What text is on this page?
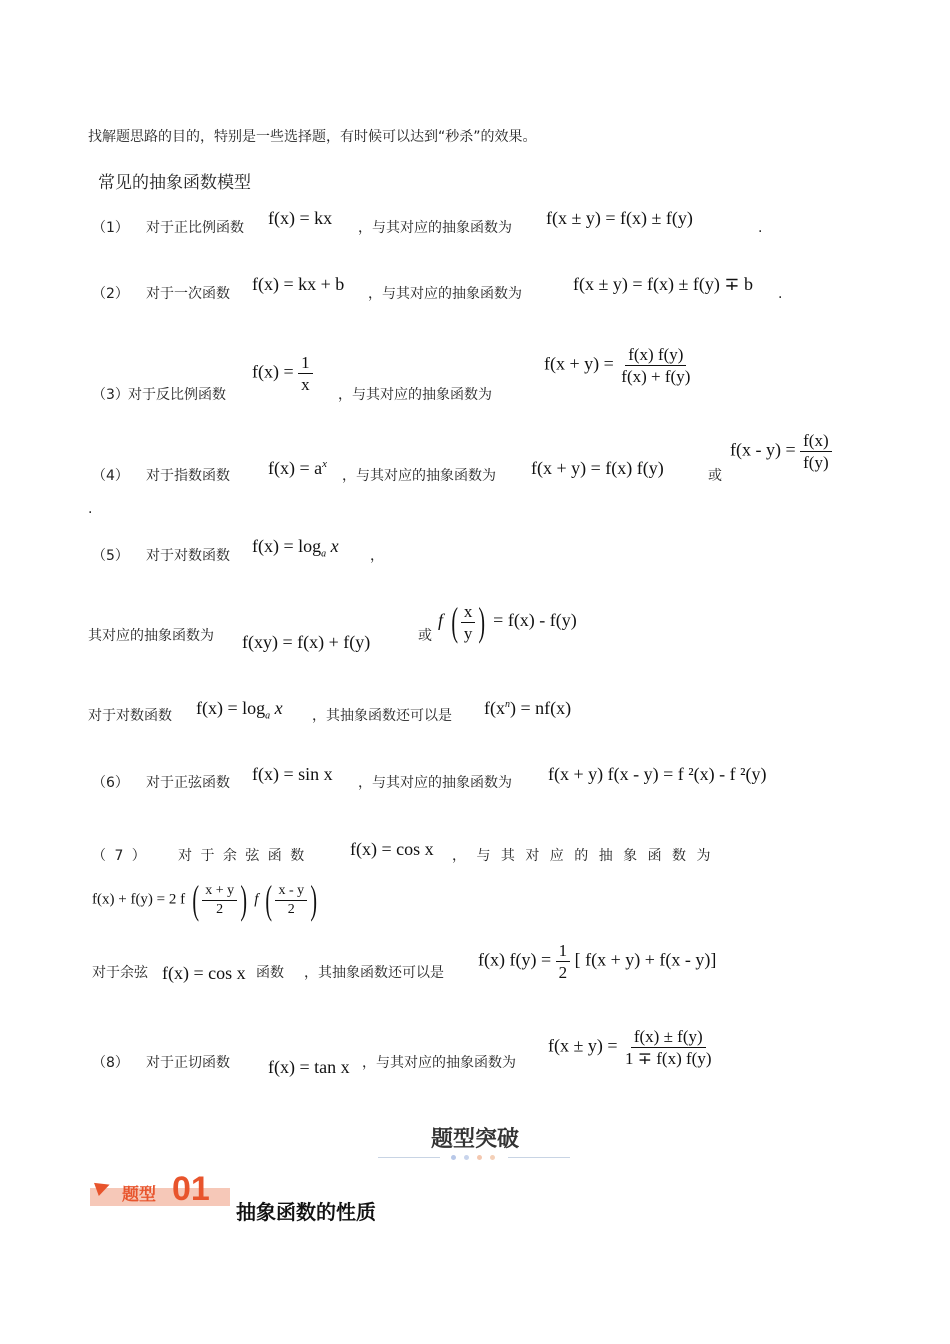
找解题思路的目的，特别是一些选择题，有时候可以达到“秒杀”的效果。
常见的抽象函数模型
（1） 对于正比例函数 f(x) = kx ，与其对应的抽象函数为 f(x ± y) = f(x) ± f(y)	.
（2） 对于一次函数 f(x) = kx + b ，与其对应的抽象函数为	f(x ± y) = f(x) ± f(y) ∓ b .
（3） 对于反比例函数
$f(x) = \frac{1}{x}$
，与其对应的抽象函数为
$f(x + y) = \frac{f(x) f(y)}{f(x) + f(y)}$
（4） 对于指数函数 $f(x) = a^x$
，与其对应的抽象函数为 f(x + y) = f(x) f(y)	或
$f(x - y) = \frac{f(x)}{f(y)}$
.
（5） 对于对数函数 $f(x) = \log_a x$ ，
其对应的抽象函数为 f(xy) = f(x) + f(y)	或
f ( $\frac{x}{y}$ ) = f(x) - f(y)
对于对数函数 $f(x) = \log_a x$ ，其抽象函数还可以是 $f(x^n) = nf(x)$
（6） 对于正弦函数 f(x) = sin x ，与其对应的抽象函数为 f(x + y) f(x - y) = f ²(x) - f ²(y)
（ 7 ） 对 于 余 弦 函 数	f(x) = cos x ， 与 其 对 应 的 抽 象 函 数 为
f(x) + f(y) = 2 f ( $\frac{x + y}{2}$ ) f ( $\frac{x - y}{2}$ )
对于余弦 f(x) = cos x 函数 ，其抽象函数还可以是
f(x) $f(y) = \frac{1}{2}$ [ f(x + y) + f(x - y)]
（8） 对于正切函数 f(x) = tan x ，与其对应的抽象函数为
$f(x \pm y) = \frac{f(x) \pm f(y)}{1 \mp f(x) f(y)}$
题型突破
题型 01
抽象函数的性质
